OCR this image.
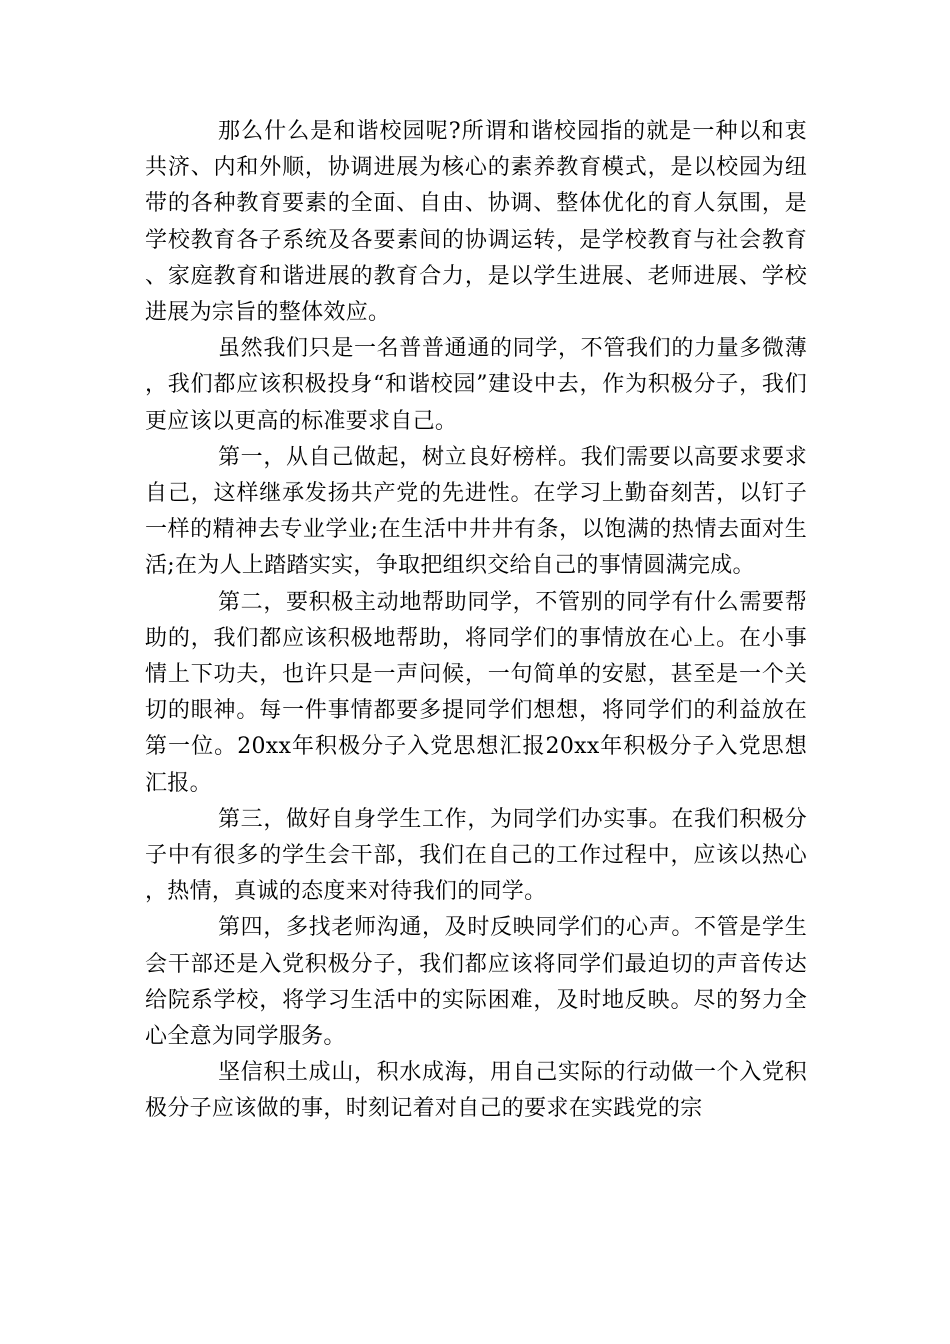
那么什么是和谐校园呢?所谓和谐校园指的就是一种以和衷共济、内和外顺，协调进展为核心的素养教育模式，是以校园为纽带的各种教育要素的全面、自由、协调、整体优化的育人氛围，是学校教育各子系统及各要素间的协调运转，是学校教育与社会教育、家庭教育和谐进展的教育合力，是以学生进展、老师进展、学校进展为宗旨的整体效应。

虽然我们只是一名普普通通的同学，不管我们的力量多微薄，我们都应该积极投身“和谐校园”建设中去，作为积极分子，我们更应该以更高的标准要求自己。

第一，从自己做起，树立良好榜样。我们需要以高要求要求自己，这样继承发扬共产党的先进性。在学习上勤奋刻苦，以钉子一样的精神去专业学业;在生活中井井有条，以饱满的热情去面对生活;在为人上踏踏实实，争取把组织交给自己的事情圆满完成。

第二，要积极主动地帮助同学，不管别的同学有什么需要帮助的，我们都应该积极地帮助，将同学们的事情放在心上。在小事情上下功夫，也许只是一声问候，一句简单的安慰，甚至是一个关切的眼神。每一件事情都要多提同学们想想，将同学们的利益放在第一位。20xx年积极分子入党思想汇报20xx年积极分子入党思想汇报。

第三，做好自身学生工作，为同学们办实事。在我们积极分子中有很多的学生会干部，我们在自己的工作过程中，应该以热心，热情，真诚的态度来对待我们的同学。

第四，多找老师沟通，及时反映同学们的心声。不管是学生会干部还是入党积极分子，我们都应该将同学们最迫切的声音传达给院系学校，将学习生活中的实际困难，及时地反映。尽的努力全心全意为同学服务。

坚信积土成山，积水成海，用自己实际的行动做一个入党积极分子应该做的事，时刻记着对自己的要求在实践党的宗
